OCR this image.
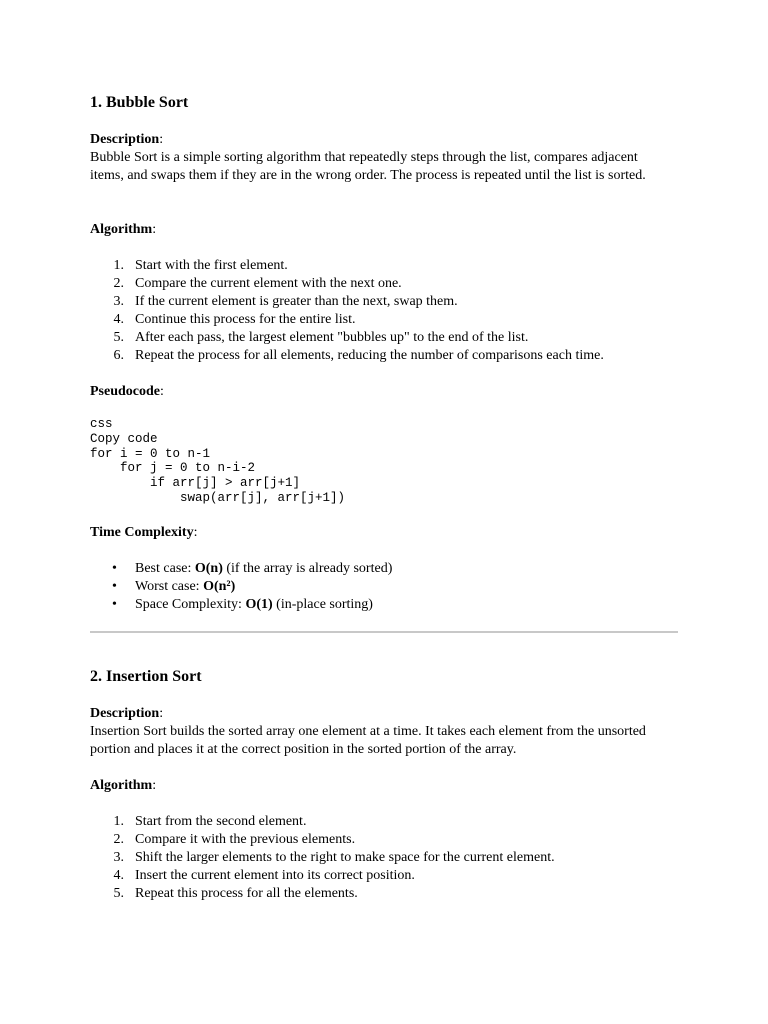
1. Bubble Sort

Description:

Bubble Sort is a simple sorting algorithm that repeatedly steps through the list, compares adjacent items, and swaps them if they are in the wrong order. The process is repeated until the list is sorted.

Algorithm:

1. Start with the first element.
2. Compare the current element with the next one.
3. If the current element is greater than the next, swap them.
4. Continue this process for the entire list.
5. After each pass, the largest element "bubbles up" to the end of the list.
6. Repeat the process for all elements, reducing the number of comparisons each time.

Pseudocode:

css
Copy code
for i = 0 to n-1
for j = 0 to n-i-2
if arr[j] > arr[j+1]
swap(arr[j], arr[j+1])

Time Complexity:

•	Best case: O(n) (if the array is already sorted)
•	Worst case: O(n²)
•	Space Complexity: O(1) (in-place sorting)
2. Insertion Sort

Description:

Insertion Sort builds the sorted array one element at a time. It takes each element from the unsorted portion and places it at the correct position in the sorted portion of the array.

Algorithm:

1. Start from the second element.
2. Compare it with the previous elements.
3. Shift the larger elements to the right to make space for the current element.
4. Insert the current element into its correct position.
5. Repeat this process for all the elements.
